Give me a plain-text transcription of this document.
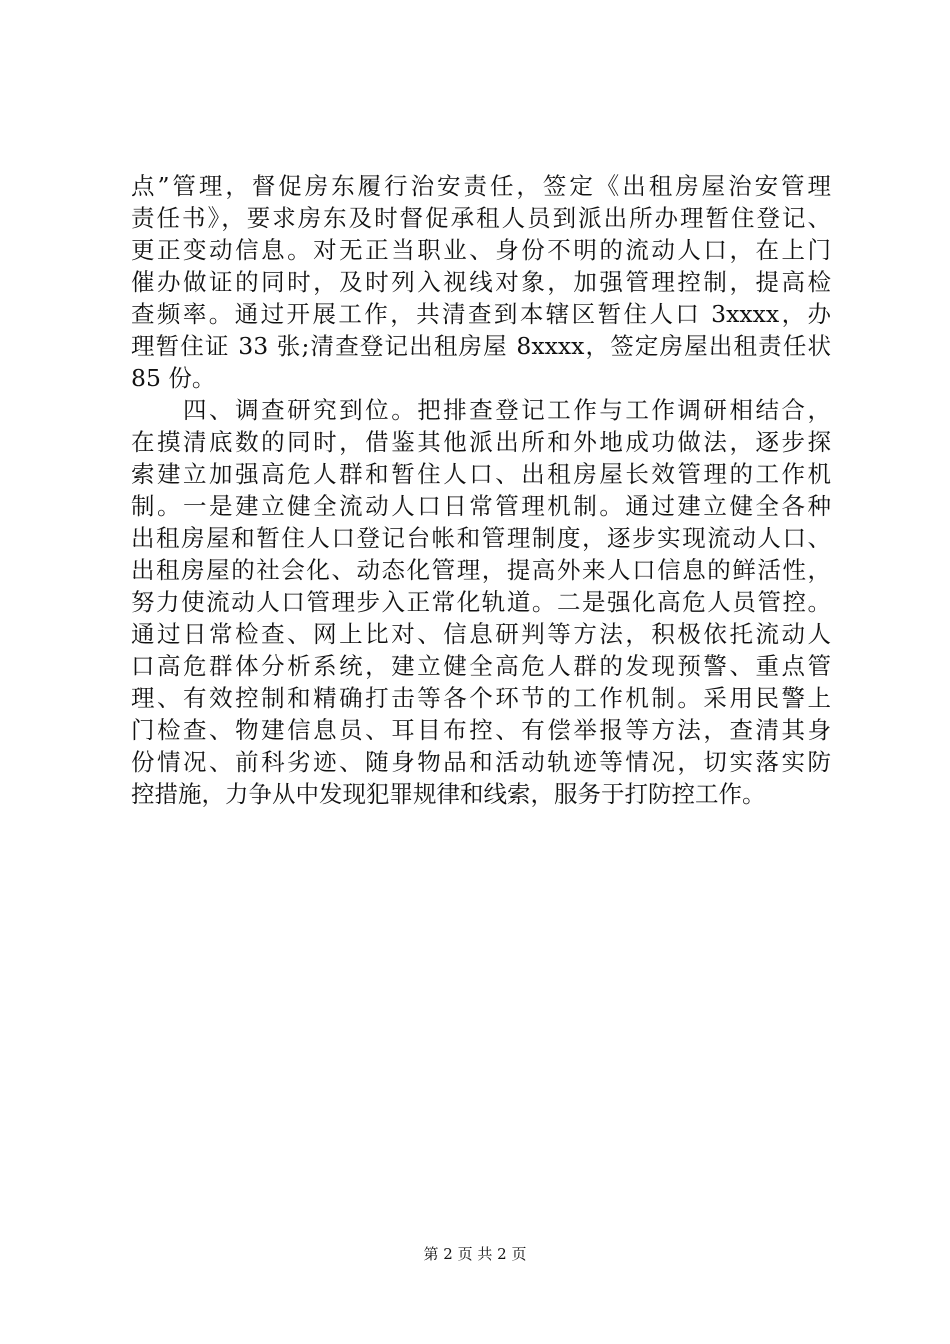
点”管理，督促房东履行治安责任，签定《出租房屋治安管理
责任书》，要求房东及时督促承租人员到派出所办理暂住登记、
更正变动信息。对无正当职业、身份不明的流动人口，在上门
催办做证的同时，及时列入视线对象，加强管理控制，提高检
查频率。通过开展工作，共清查到本辖区暂住人口 3xxxx，办
理暂住证 33 张;清查登记出租房屋 8xxxx，签定房屋出租责任状
85 份。
　　四、调查研究到位。把排查登记工作与工作调研相结合，
在摸清底数的同时，借鉴其他派出所和外地成功做法，逐步探
索建立加强高危人群和暂住人口、出租房屋长效管理的工作机
制。一是建立健全流动人口日常管理机制。通过建立健全各种
出租房屋和暂住人口登记台帐和管理制度，逐步实现流动人口、
出租房屋的社会化、动态化管理，提高外来人口信息的鲜活性，
努力使流动人口管理步入正常化轨道。二是强化高危人员管控。
通过日常检查、网上比对、信息研判等方法，积极依托流动人
口高危群体分析系统，建立健全高危人群的发现预警、重点管
理、有效控制和精确打击等各个环节的工作机制。采用民警上
门检查、物建信息员、耳目布控、有偿举报等方法，查清其身
份情况、前科劣迹、随身物品和活动轨迹等情况，切实落实防
控措施，力争从中发现犯罪规律和线索，服务于打防控工作。
第 2 页 共 2 页
